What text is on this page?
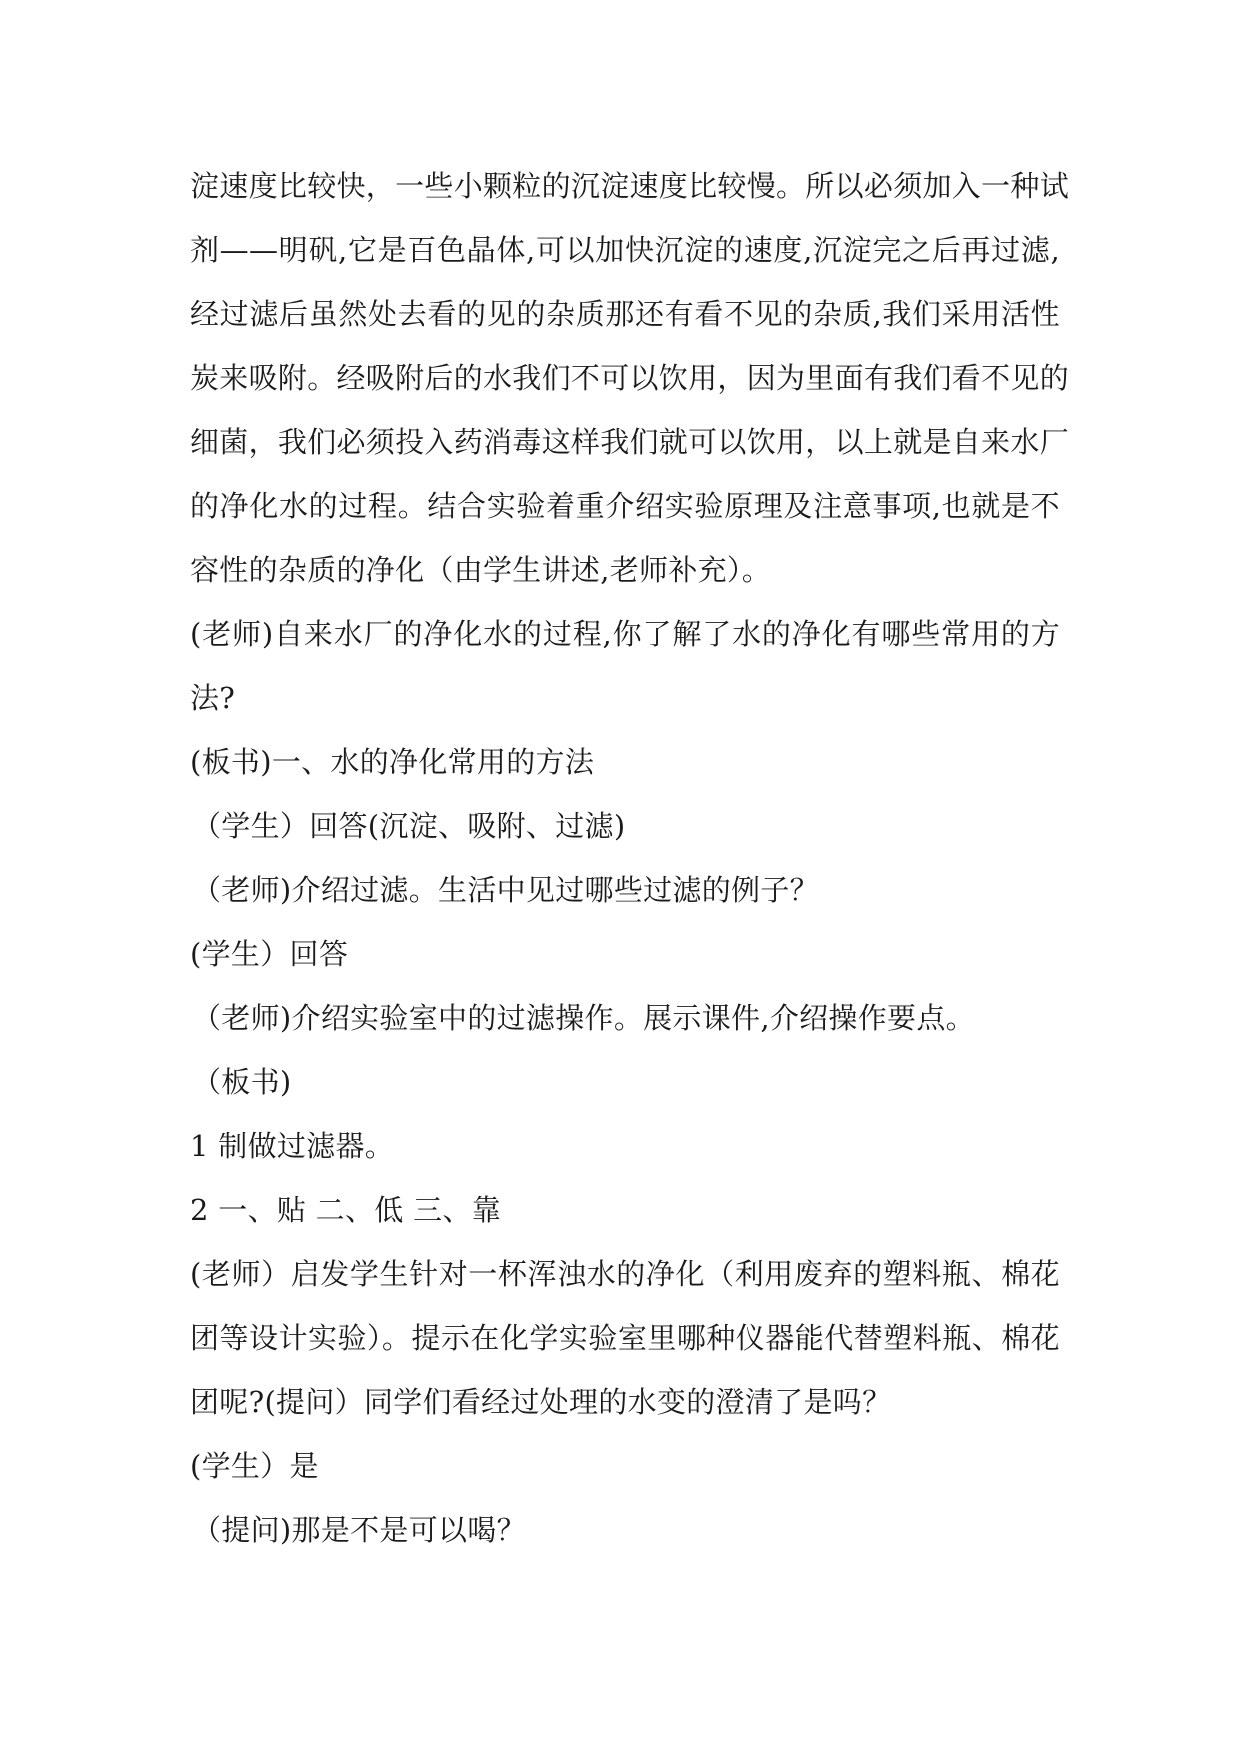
淀速度比较快，一些小颗粒的沉淀速度比较慢。所以必须加入一种试
剂——明矾,它是百色晶体,可以加快沉淀的速度,沉淀完之后再过滤,
经过滤后虽然处去看的见的杂质那还有看不见的杂质,我们采用活性
炭来吸附。经吸附后的水我们不可以饮用，因为里面有我们看不见的
细菌，我们必须投入药消毒这样我们就可以饮用，以上就是自来水厂
的净化水的过程。结合实验着重介绍实验原理及注意事项,也就是不
容性的杂质的净化（由学生讲述,老师补充）。
(老师)自来水厂的净化水的过程,你了解了水的净化有哪些常用的方
法?
(板书)一、水的净化常用的方法
（学生）回答(沉淀、吸附、过滤)
（老师)介绍过滤。生活中见过哪些过滤的例子？
(学生）回答
（老师)介绍实验室中的过滤操作。展示课件,介绍操作要点。
（板书)
1 制做过滤器。
2 一、贴 二、低 三、靠
(老师）启发学生针对一杯浑浊水的净化（利用废弃的塑料瓶、棉花
团等设计实验）。提示在化学实验室里哪种仪器能代替塑料瓶、棉花
团呢?(提问）同学们看经过处理的水变的澄清了是吗？
(学生）是
（提问)那是不是可以喝？
